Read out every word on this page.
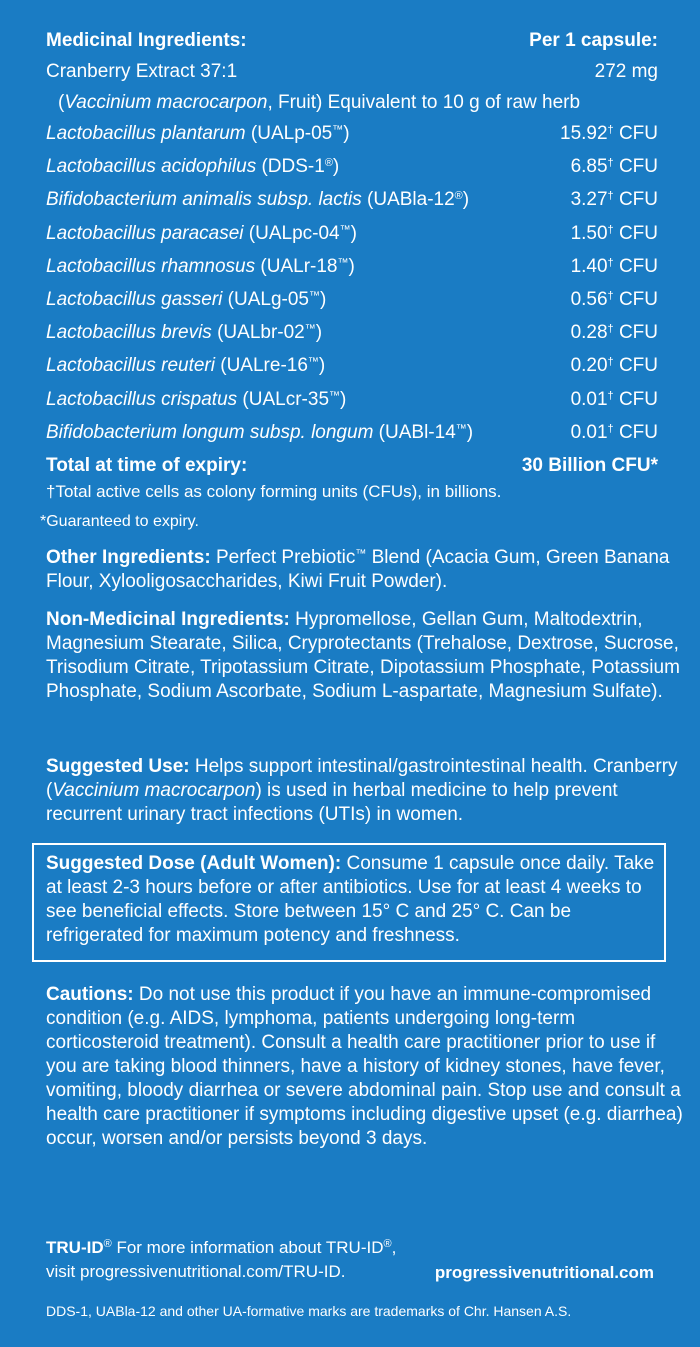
Medicinal Ingredients:	Per 1 capsule:
Cranberry Extract 37:1	272 mg
(Vaccinium macrocarpon, Fruit) Equivalent to 10 g of raw herb
Lactobacillus plantarum (UALp-05™)	15.92† CFU
Lactobacillus acidophilus (DDS-1®)	6.85† CFU
Bifidobacterium animalis subsp. lactis (UABla-12®)	3.27† CFU
Lactobacillus paracasei (UALpc-04™)	1.50† CFU
Lactobacillus rhamnosus (UALr-18™)	1.40† CFU
Lactobacillus gasseri (UALg-05™)	0.56† CFU
Lactobacillus brevis (UALbr-02™)	0.28† CFU
Lactobacillus reuteri (UALre-16™)	0.20† CFU
Lactobacillus crispatus (UALcr-35™)	0.01† CFU
Bifidobacterium longum subsp. longum (UABl-14™)	0.01† CFU
Total at time of expiry:	30 Billion CFU*
†Total active cells as colony forming units (CFUs), in billions.
*Guaranteed to expiry.
Other Ingredients: Perfect Prebiotic™ Blend (Acacia Gum, Green Banana Flour, Xylooligosaccharides, Kiwi Fruit Powder).
Non-Medicinal Ingredients: Hypromellose, Gellan Gum, Maltodextrin, Magnesium Stearate, Silica, Cryprotectants (Trehalose, Dextrose, Sucrose, Trisodium Citrate, Tripotassium Citrate, Dipotassium Phosphate, Potassium Phosphate, Sodium Ascorbate, Sodium L-aspartate, Magnesium Sulfate).
Suggested Use: Helps support intestinal/gastrointestinal health. Cranberry (Vaccinium macrocarpon) is used in herbal medicine to help prevent recurrent urinary tract infections (UTIs) in women.
Suggested Dose (Adult Women): Consume 1 capsule once daily. Take at least 2-3 hours before or after antibiotics. Use for at least 4 weeks to see beneficial effects. Store between 15° C and 25° C. Can be refrigerated for maximum potency and freshness.
Cautions: Do not use this product if you have an immune-compromised condition (e.g. AIDS, lymphoma, patients undergoing long-term corticosteroid treatment). Consult a health care practitioner prior to use if you are taking blood thinners, have a history of kidney stones, have fever, vomiting, bloody diarrhea or severe abdominal pain. Stop use and consult a health care practitioner if symptoms including digestive upset (e.g. diarrhea) occur, worsen and/or persists beyond 3 days.
TRU-ID® For more information about TRU-ID®,
visit progressivenutritional.com/TRU-ID.	progressivenutritional.com
DDS-1, UABla-12 and other UA-formative marks are trademarks of Chr. Hansen A.S.
